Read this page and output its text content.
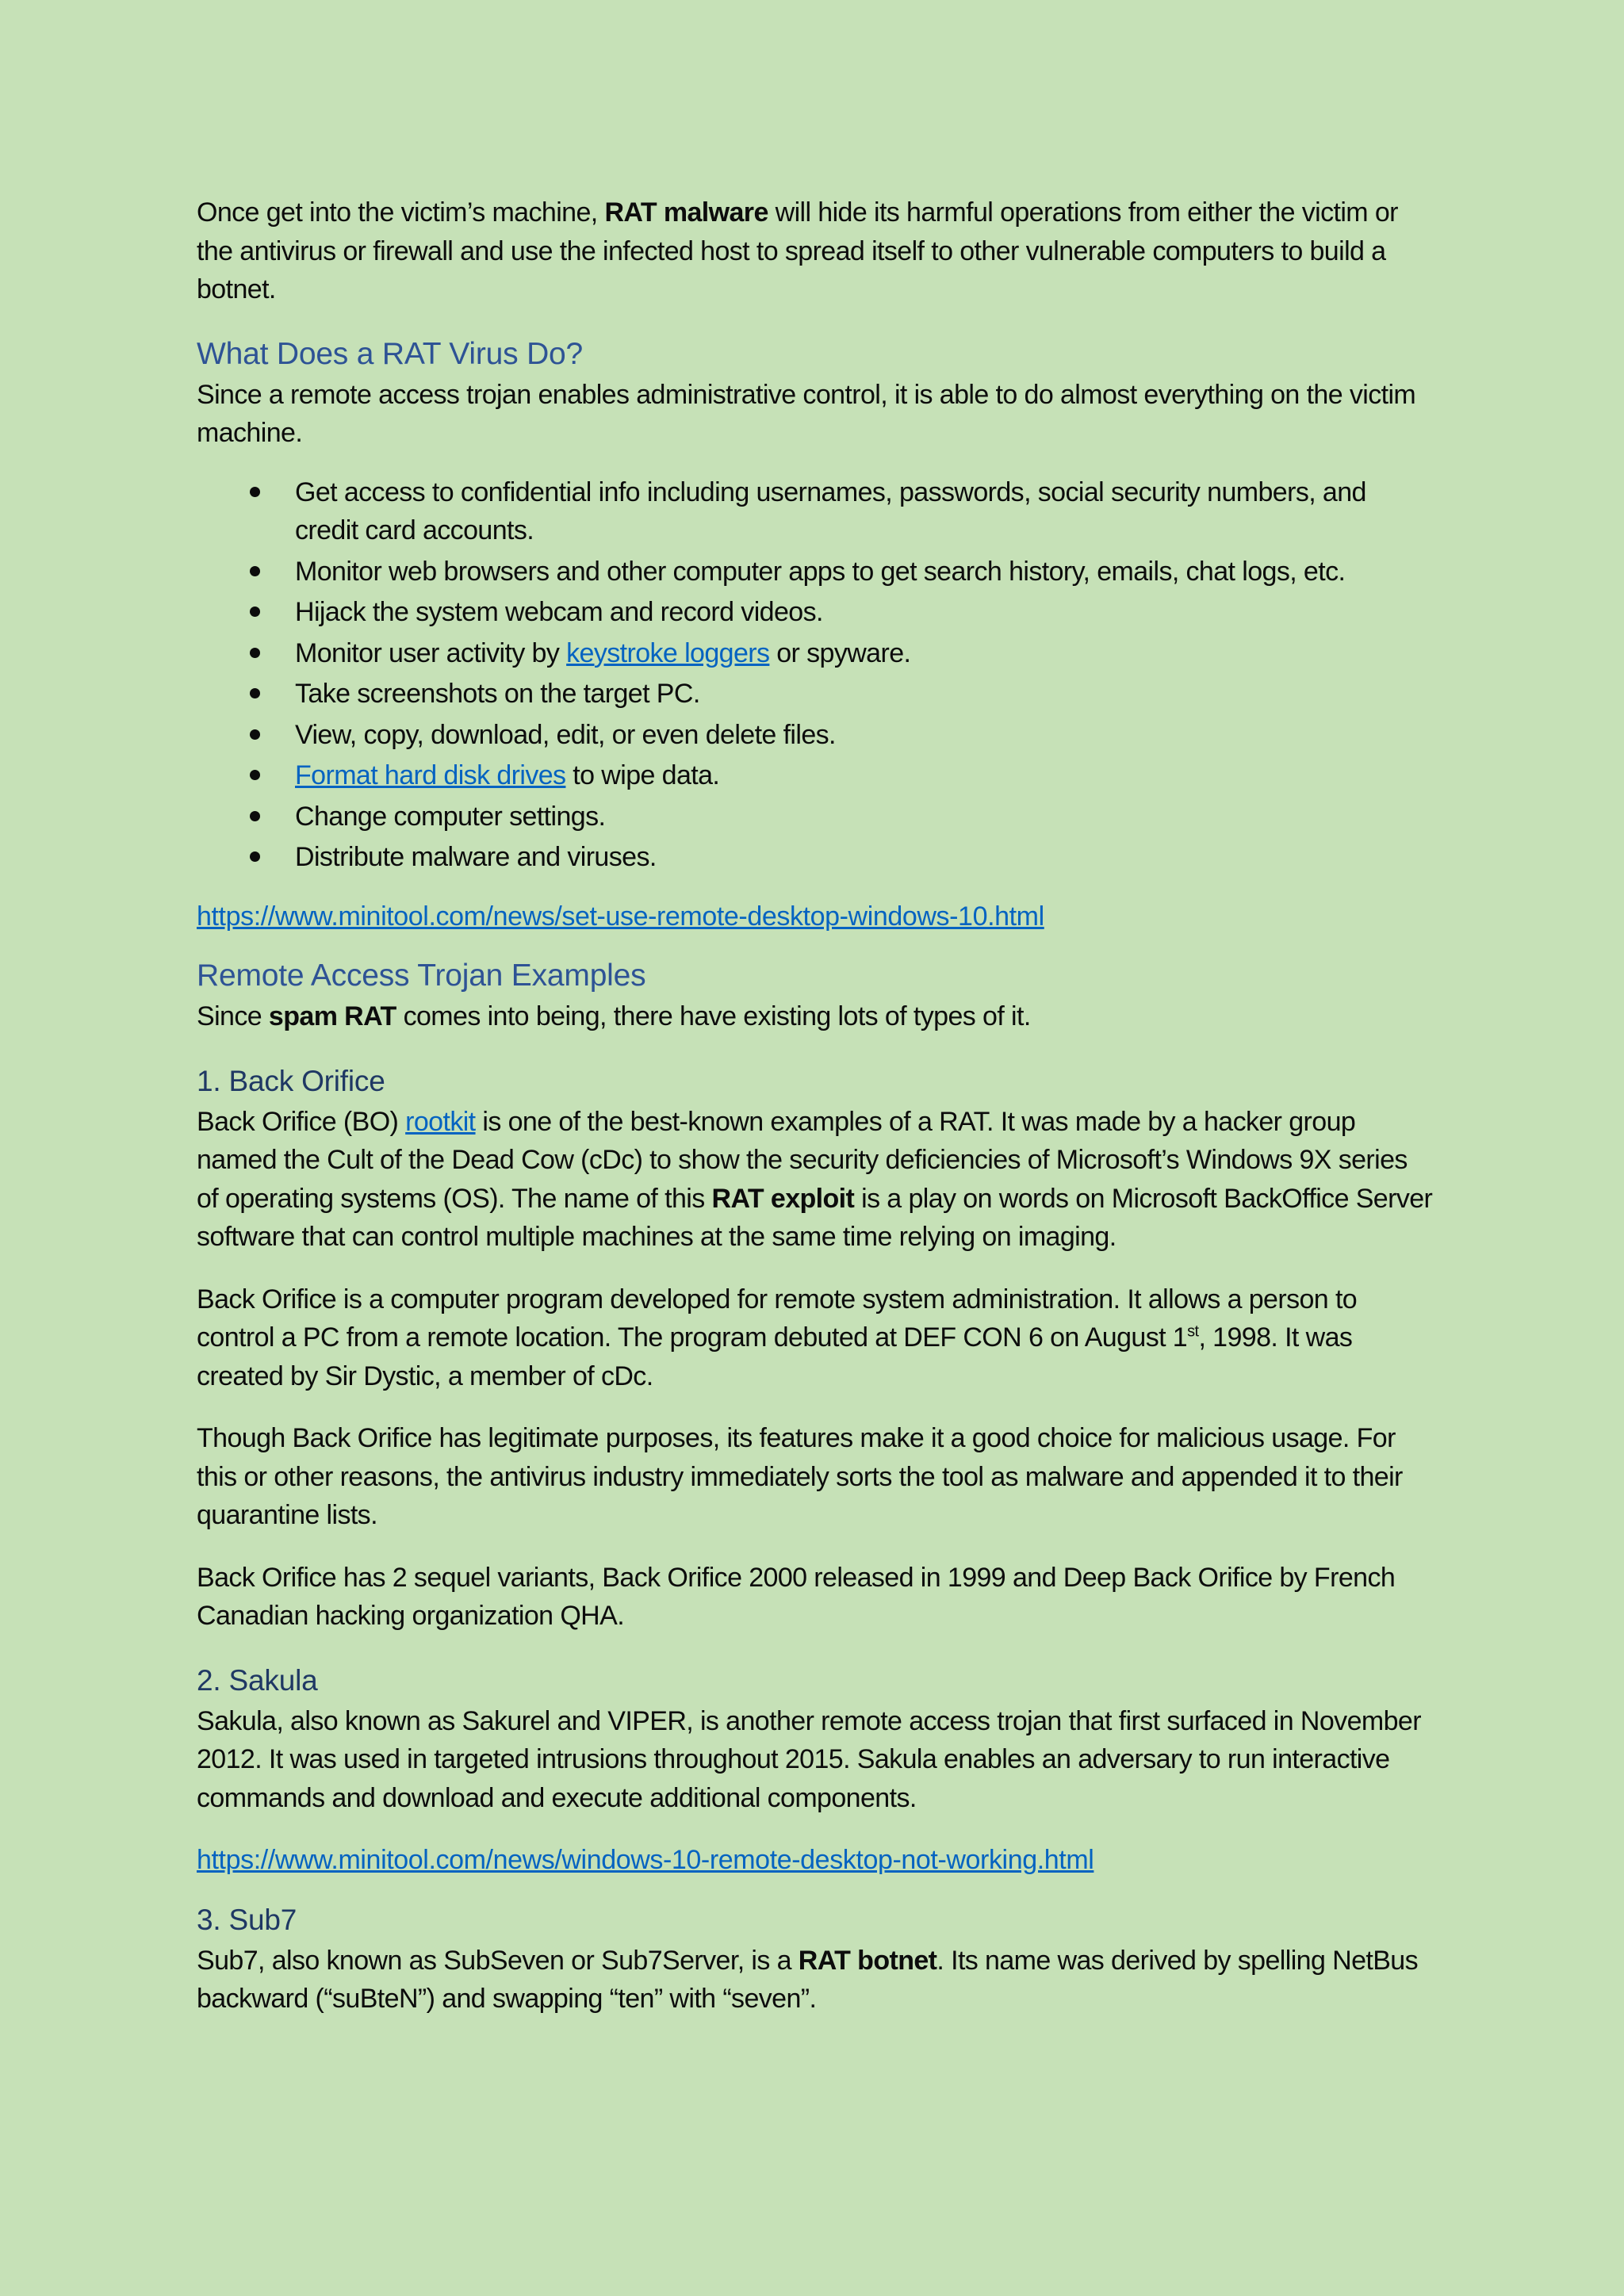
Once get into the victim’s machine, RAT malware will hide its harmful operations from either the victim or the antivirus or firewall and use the infected host to spread itself to other vulnerable computers to build a botnet.

What Does a RAT Virus Do?

Since a remote access trojan enables administrative control, it is able to do almost everything on the victim machine.

Get access to confidential info including usernames, passwords, social security numbers, and credit card accounts.
Monitor web browsers and other computer apps to get search history, emails, chat logs, etc.
Hijack the system webcam and record videos.
Monitor user activity by keystroke loggers or spyware.
Take screenshots on the target PC.
View, copy, download, edit, or even delete files.
Format hard disk drives to wipe data.
Change computer settings.
Distribute malware and viruses.

https://www.minitool.com/news/set-use-remote-desktop-windows-10.html

Remote Access Trojan Examples

Since spam RAT comes into being, there have existing lots of types of it.

1. Back Orifice

Back Orifice (BO) rootkit is one of the best-known examples of a RAT. It was made by a hacker group named the Cult of the Dead Cow (cDc) to show the security deficiencies of Microsoft’s Windows 9X series of operating systems (OS). The name of this RAT exploit is a play on words on Microsoft BackOffice Server software that can control multiple machines at the same time relying on imaging.

Back Orifice is a computer program developed for remote system administration. It allows a person to control a PC from a remote location. The program debuted at DEF CON 6 on August 1st, 1998. It was created by Sir Dystic, a member of cDc.

Though Back Orifice has legitimate purposes, its features make it a good choice for malicious usage. For this or other reasons, the antivirus industry immediately sorts the tool as malware and appended it to their quarantine lists.

Back Orifice has 2 sequel variants, Back Orifice 2000 released in 1999 and Deep Back Orifice by French Canadian hacking organization QHA.

2. Sakula

Sakula, also known as Sakurel and VIPER, is another remote access trojan that first surfaced in November 2012. It was used in targeted intrusions throughout 2015. Sakula enables an adversary to run interactive commands and download and execute additional components.

https://www.minitool.com/news/windows-10-remote-desktop-not-working.html

3. Sub7

Sub7, also known as SubSeven or Sub7Server, is a RAT botnet. Its name was derived by spelling NetBus backward (“suBteN”) and swapping “ten” with “seven”.
